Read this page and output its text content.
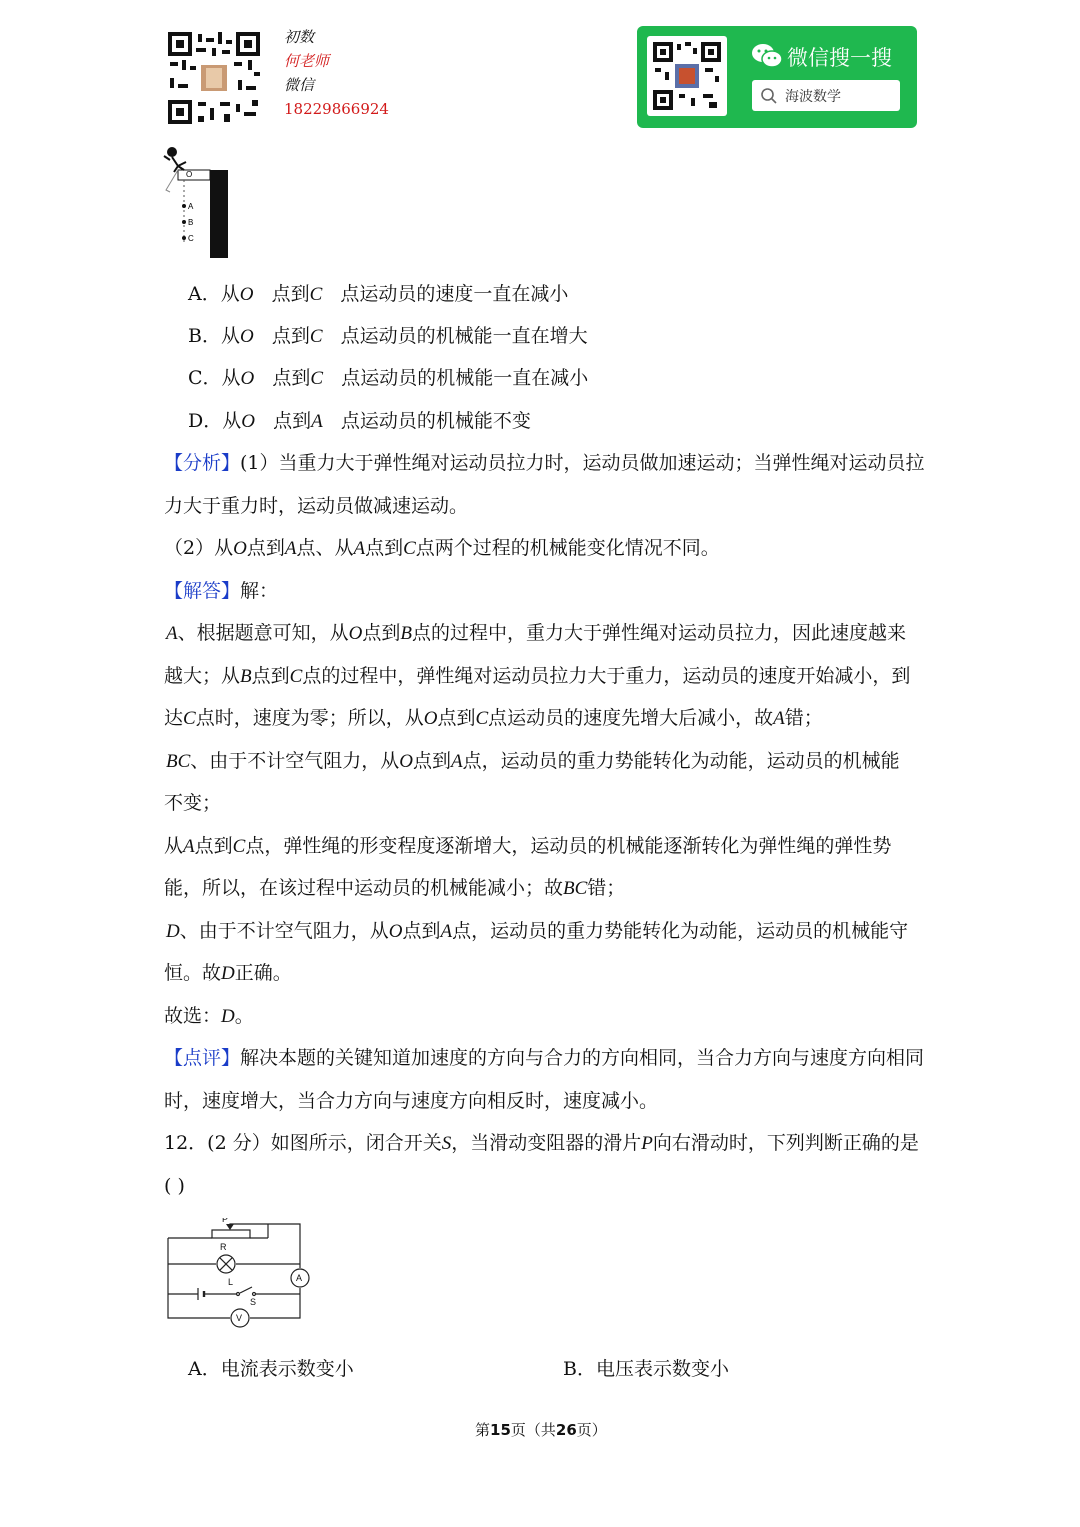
初数
何老师
微信
18229866924
微信搜一搜
海波数学
O
A
B
C
A．从O 点到C 点运动员的速度一直在减小
B．从O 点到C 点运动员的机械能一直在增大
C．从O 点到C 点运动员的机械能一直在减小
D．从O 点到A 点运动员的机械能不变
【分析】(1）当重力大于弹性绳对运动员拉力时，运动员做加速运动；当弹性绳对运动员拉
力大于重力时，运动员做减速运动。
（2）从O点到A点、从A点到C点两个过程的机械能变化情况不同。
【解答】解：
A、根据题意可知，从O点到B点的过程中，重力大于弹性绳对运动员拉力，因此速度越来
越大；从B点到C点的过程中，弹性绳对运动员拉力大于重力，运动员的速度开始减小，到
达C点时，速度为零；所以，从O点到C点运动员的速度先增大后减小，故A错；
BC、由于不计空气阻力，从O点到A点，运动员的重力势能转化为动能，运动员的机械能
不变；
从A点到C点，弹性绳的形变程度逐渐增大，运动员的机械能逐渐转化为弹性绳的弹性势
能，所以，在该过程中运动员的机械能减小；故BC错；
D、由于不计空气阻力，从O点到A点，运动员的重力势能转化为动能，运动员的机械能守
恒。故D正确。
故选：D。
【点评】解决本题的关键知道加速度的方向与合力的方向相同，当合力方向与速度方向相同
时，速度增大，当合力方向与速度方向相反时，速度减小。
12．(2 分）如图所示，闭合开关S，当滑动变阻器的滑片P向右滑动时，下列判断正确的是
( )
P
R
L
S
A
V
A．电流表示数变小	B．电压表示数变小
第15页（共26页）
